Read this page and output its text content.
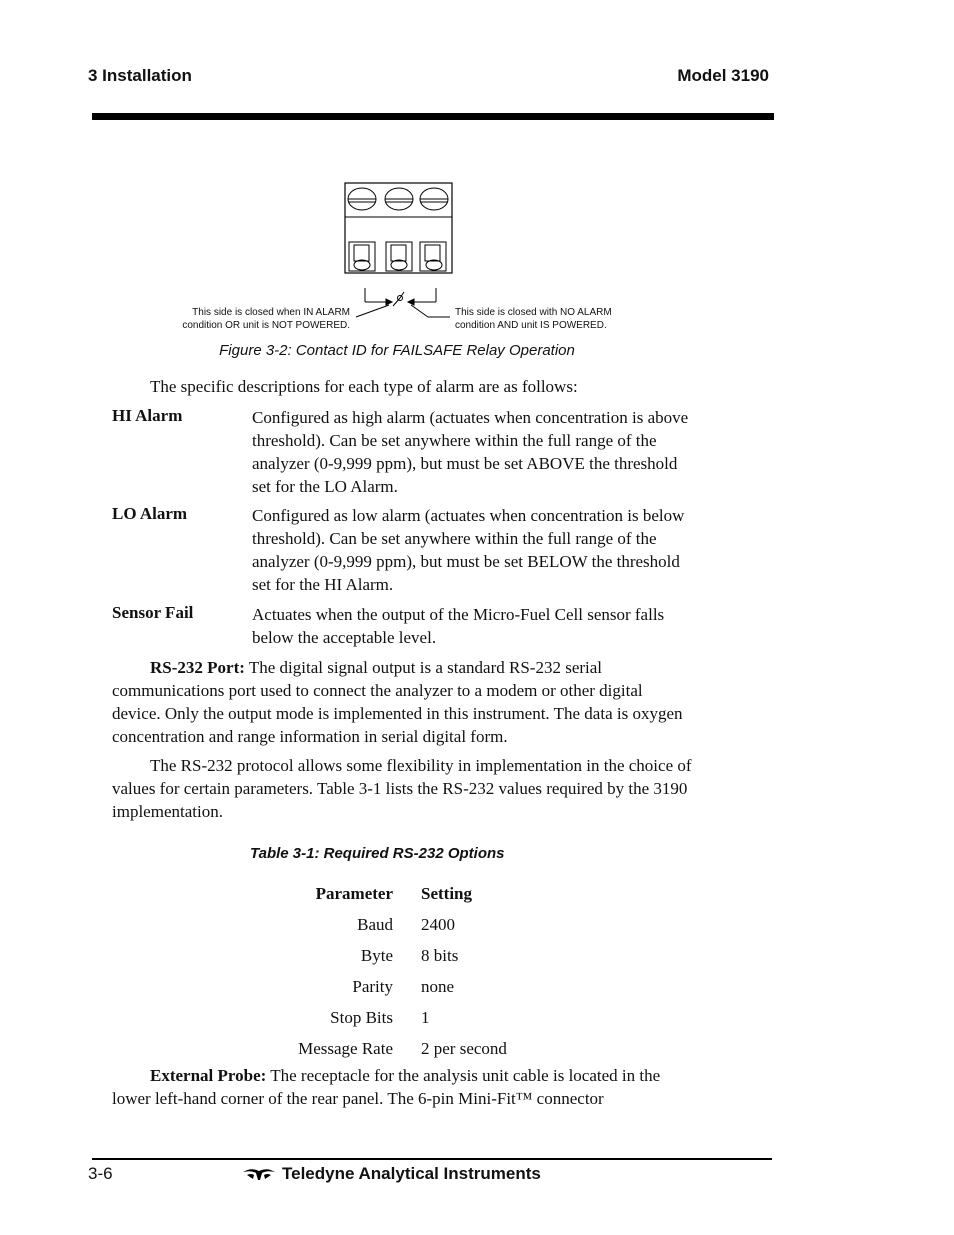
3 Installation	Model 3190
This side is closed when IN ALARM
condition OR unit is NOT POWERED.
This side is closed with NO ALARM
condition AND unit IS POWERED.
Figure 3-2: Contact ID for FAILSAFE Relay Operation
The specific descriptions for each type of alarm are as follows:
HI Alarm	Configured as high alarm (actuates when concentration is above threshold). Can be set anywhere within the full range of the analyzer (0-9,999 ppm), but must be set ABOVE the threshold set for the LO Alarm.
LO Alarm	Configured as low alarm (actuates when concentration is below threshold). Can be set anywhere within the full range of the analyzer (0-9,999 ppm), but must be set BELOW the threshold set for the HI Alarm.
Sensor Fail	Actuates when the output of the Micro-Fuel Cell sensor falls below the acceptable level.
RS-232 Port: The digital signal output is a standard RS-232 serial communications port used to connect the analyzer to a modem or other digital device. Only the output mode is implemented in this instrument. The data is oxygen concentration and range information in serial digital form.
The RS-232 protocol allows some flexibility in implementation in the choice of values for certain parameters. Table 3-1 lists the RS-232 values required by the 3190 implementation.
Table 3-1: Required RS-232 Options
Parameter	Setting
Baud	2400
Byte	8 bits
Parity	none
Stop Bits	1
Message Rate	2 per second
External Probe: The receptacle for the analysis unit cable is located in the lower left-hand corner of the rear panel. The 6-pin Mini-Fit™ connector
3-6	Teledyne Analytical Instruments
